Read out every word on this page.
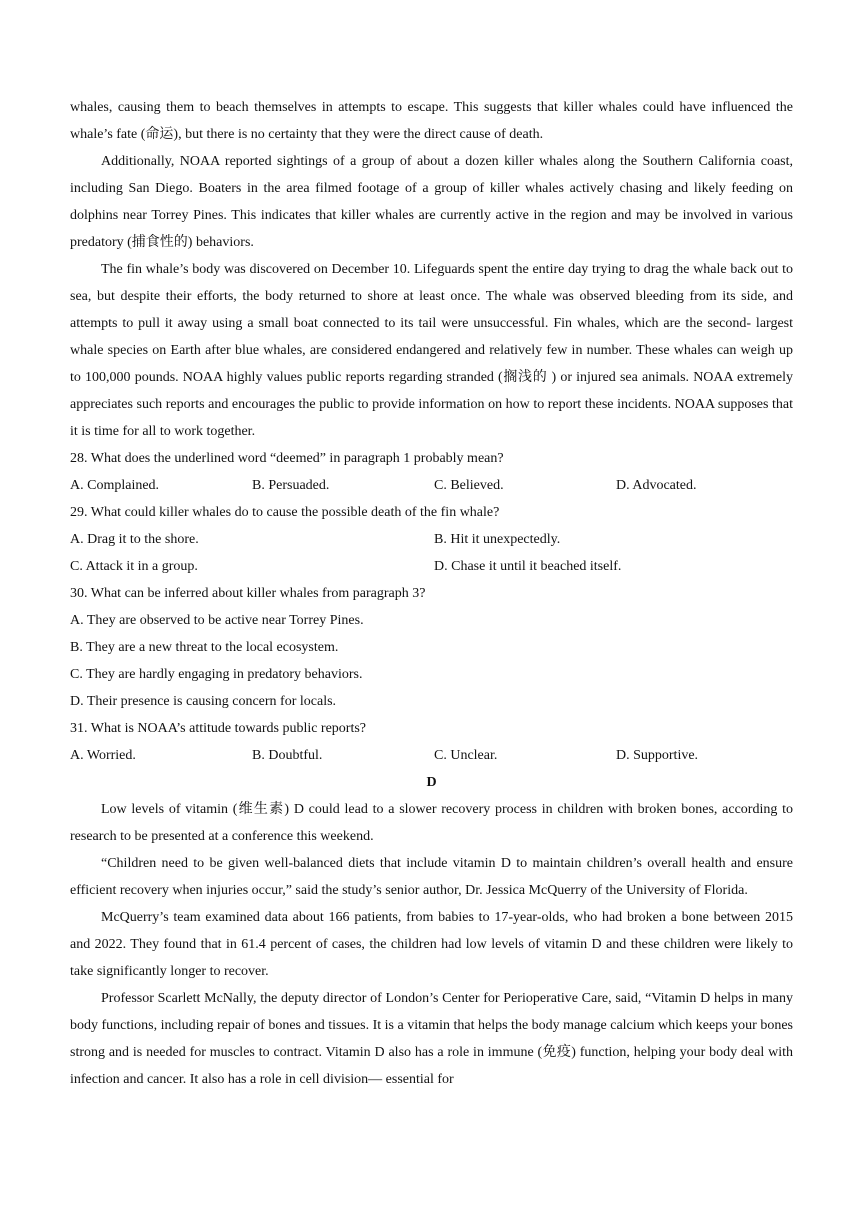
whales, causing them to beach themselves in attempts to escape. This suggests that killer whales could have influenced the whale’s fate (命运), but there is no certainty that they were the direct cause of death.

Additionally, NOAA reported sightings of a group of about a dozen killer whales along the Southern California coast, including San Diego. Boaters in the area filmed footage of a group of killer whales actively chasing and likely feeding on dolphins near Torrey Pines. This indicates that killer whales are currently active in the region and may be involved in various predatory (捕食性的) behaviors.

The fin whale’s body was discovered on December 10. Lifeguards spent the entire day trying to drag the whale back out to sea, but despite their efforts, the body returned to shore at least once. The whale was observed bleeding from its side, and attempts to pull it away using a small boat connected to its tail were unsuccessful. Fin whales, which are the second- largest whale species on Earth after blue whales, are considered endangered and relatively few in number. These whales can weigh up to 100,000 pounds. NOAA highly values public reports regarding stranded (搁浅的 ) or injured sea animals. NOAA extremely appreciates such reports and encourages the public to provide information on how to report these incidents. NOAA supposes that it is time for all to work together.

28. What does the underlined word “deemed” in paragraph 1 probably mean?

A. Complained.	B. Persuaded.	C. Believed.	D. Advocated.

29. What could killer whales do to cause the possible death of the fin whale?

A. Drag it to the shore.	B. Hit it unexpectedly.
C. Attack it in a group.	D. Chase it until it beached itself.

30. What can be inferred about killer whales from paragraph 3?

A. They are observed to be active near Torrey Pines.
B. They are a new threat to the local ecosystem.
C. They are hardly engaging in predatory behaviors.
D. Their presence is causing concern for locals.

31. What is NOAA’s attitude towards public reports?

A. Worried.	B. Doubtful.	C. Unclear.	D. Supportive.

D

Low levels of vitamin (维生素) D could lead to a slower recovery process in children with broken bones, according to research to be presented at a conference this weekend.

“Children need to be given well-balanced diets that include vitamin D to maintain children’s overall health and ensure efficient recovery when injuries occur,” said the study’s senior author, Dr. Jessica McQuerry of the University of Florida.

McQuerry’s team examined data about 166 patients, from babies to 17-year-olds, who had broken a bone between 2015 and 2022. They found that in 61.4 percent of cases, the children had low levels of vitamin D and these children were likely to take significantly longer to recover.

Professor Scarlett McNally, the deputy director of London’s Center for Perioperative Care, said, “Vitamin D helps in many body functions, including repair of bones and tissues. It is a vitamin that helps the body manage calcium which keeps your bones strong and is needed for muscles to contract. Vitamin D also has a role in immune (免疫) function, helping your body deal with infection and cancer. It also has a role in cell division— essential for
